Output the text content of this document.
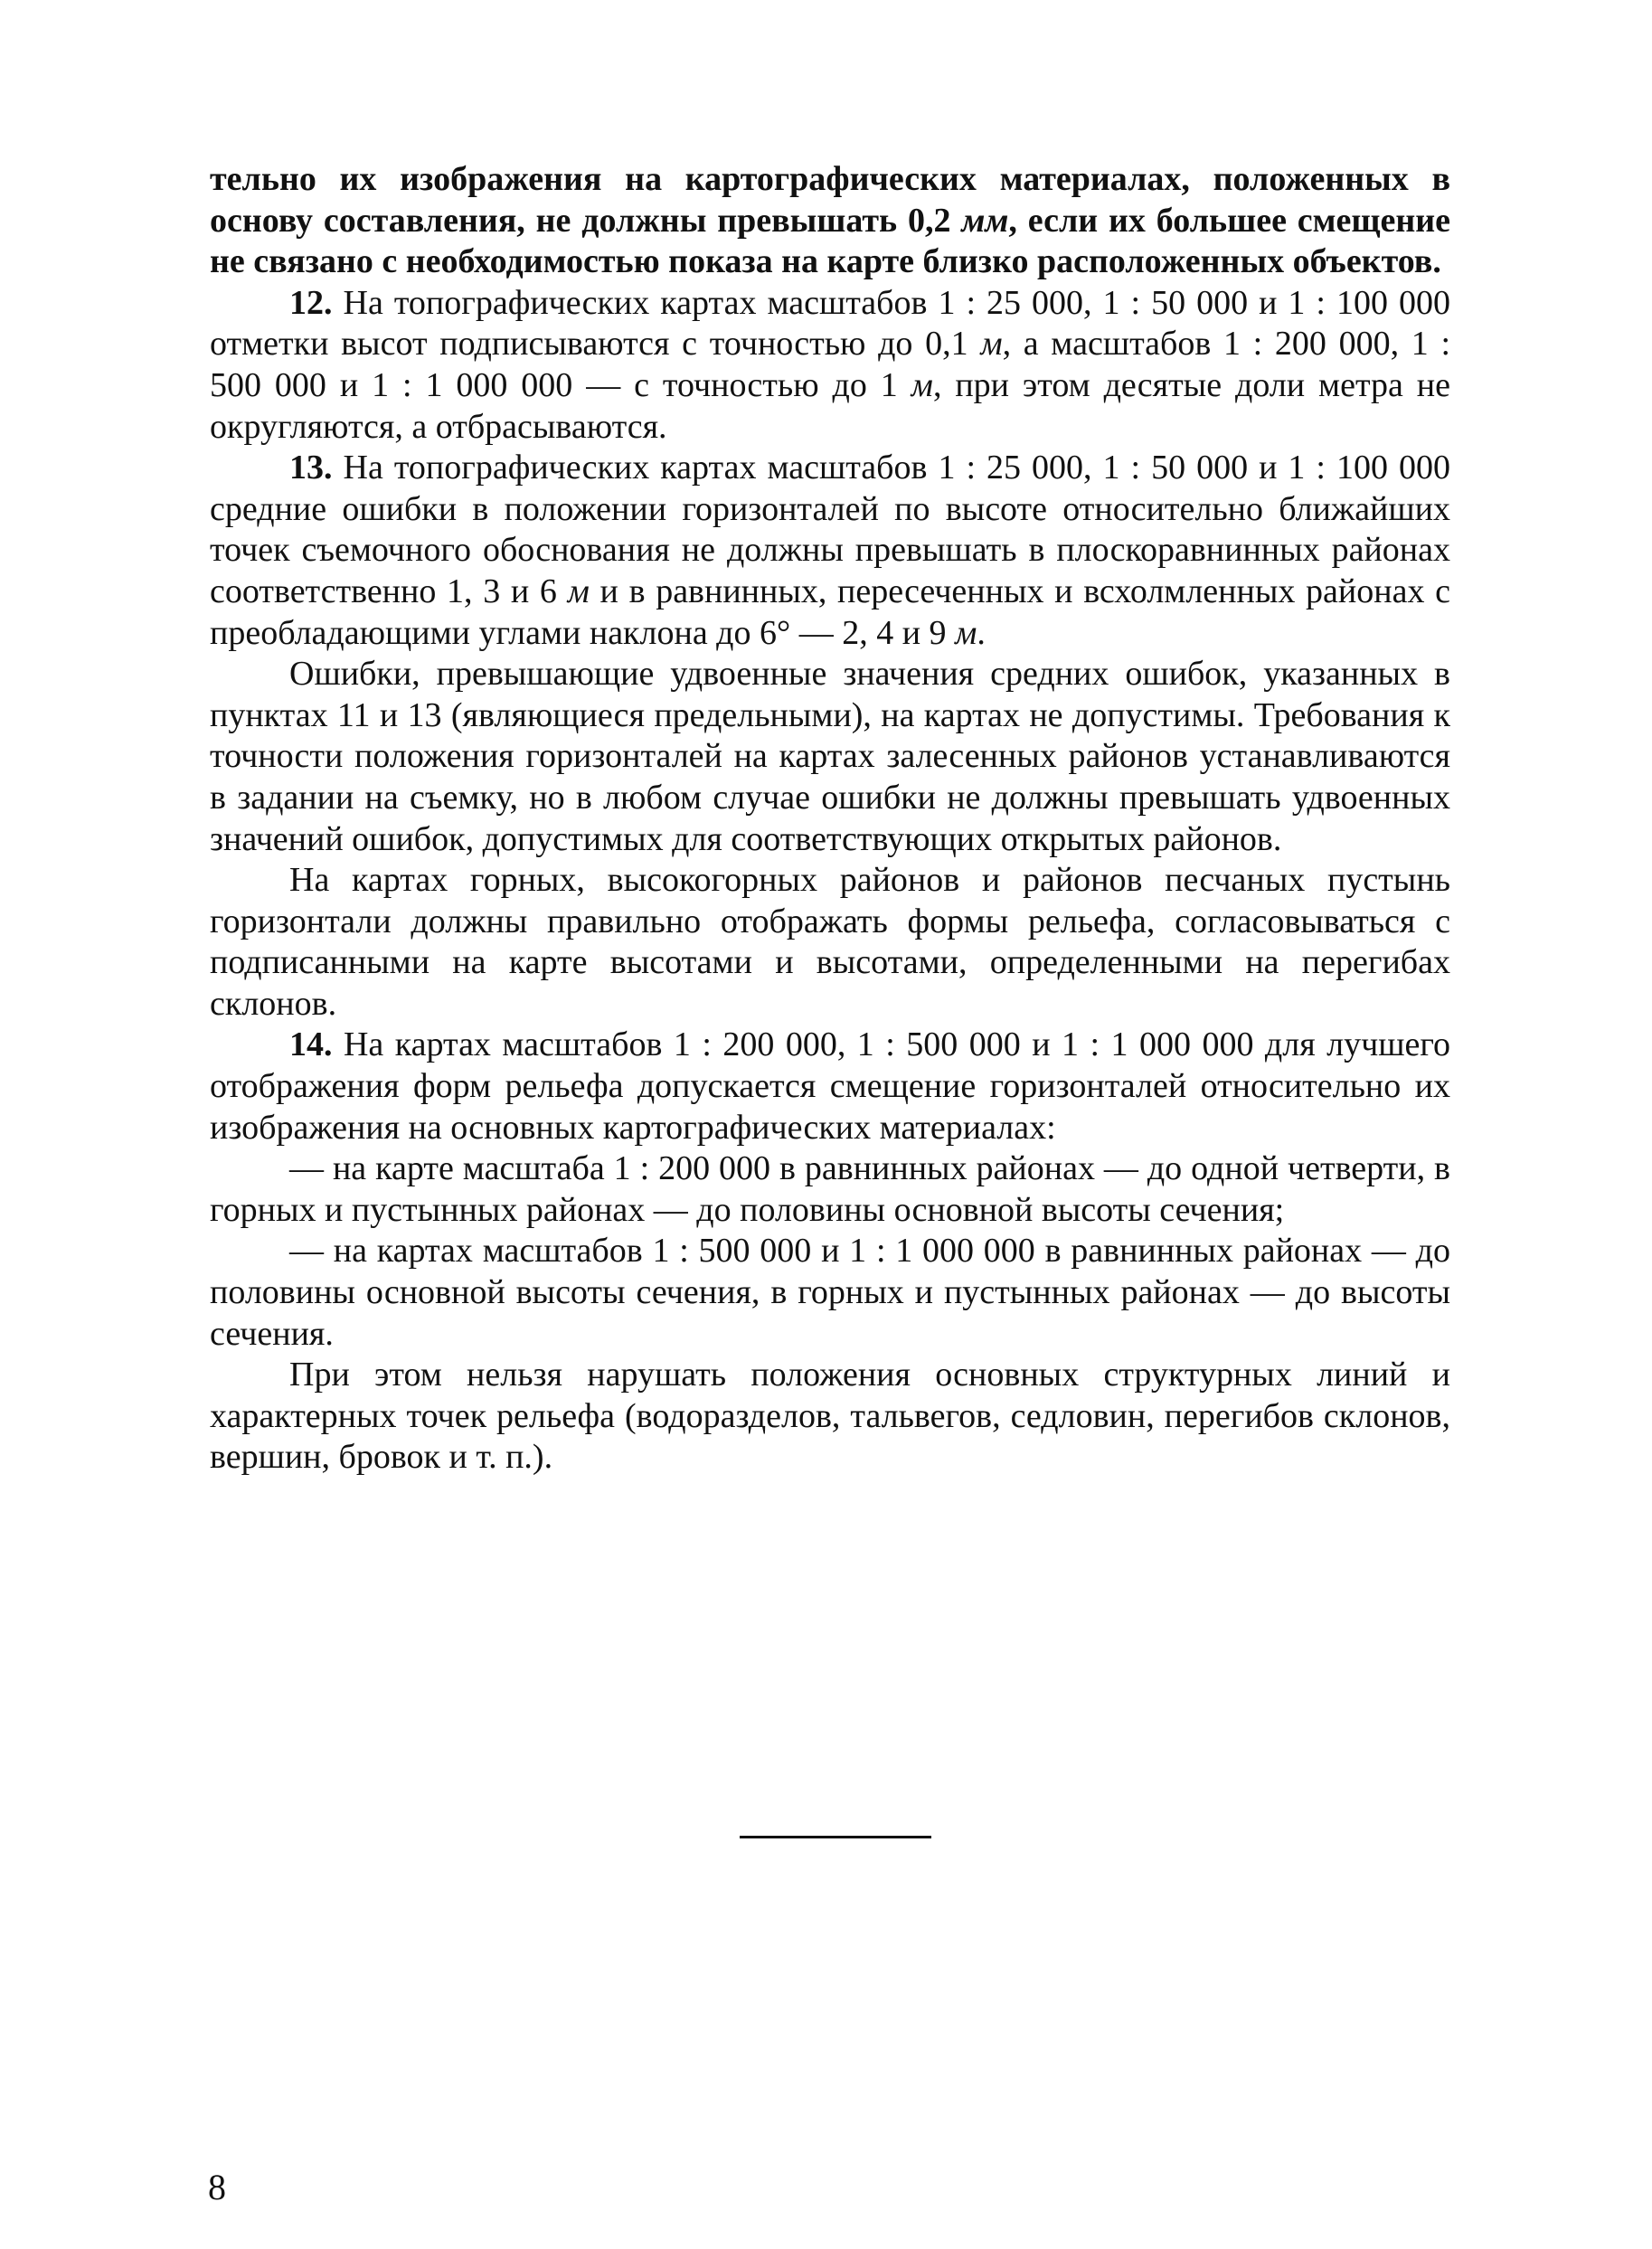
тельно их изображения на картографических материалах, положенных в основу составления, не должны превышать 0,2 мм, если их большее смещение не связано с необходимостью показа на карте близко расположенных объектов.

12. На топографических картах масштабов 1 : 25 000, 1 : 50 000 и 1 : 100 000 отметки высот подписываются с точностью до 0,1 м, а масштабов 1 : 200 000, 1 : 500 000 и 1 : 1 000 000 — с точностью до 1 м, при этом десятые доли метра не округляются, а отбрасываются.

13. На топографических картах масштабов 1 : 25 000, 1 : 50 000 и 1 : 100 000 средние ошибки в положении горизонталей по высоте относительно ближайших точек съемочного обоснования не должны превышать в плоскоравнинных районах соответственно 1, 3 и 6 м и в равнинных, пересеченных и всхолмленных районах с преобладающими углами наклона до 6° — 2, 4 и 9 м.

Ошибки, превышающие удвоенные значения средних ошибок, указанных в пунктах 11 и 13 (являющиеся предельными), на картах не допустимы. Требования к точности положения горизонталей на картах залесенных районов устанавливаются в задании на съемку, но в любом случае ошибки не должны превышать удвоенных значений ошибок, допустимых для соответствующих открытых районов.

На картах горных, высокогорных районов и районов песчаных пустынь горизонтали должны правильно отображать формы рельефа, согласовываться с подписанными на карте высотами и высотами, определенными на перегибах склонов.

14. На картах масштабов 1 : 200 000, 1 : 500 000 и 1 : 1 000 000 для лучшего отображения форм рельефа допускается смещение горизонталей относительно их изображения на основных картографических материалах:

— на карте масштаба 1 : 200 000 в равнинных районах — до одной четверти, в горных и пустынных районах — до половины основной высоты сечения;

— на картах масштабов 1 : 500 000 и 1 : 1 000 000 в равнинных районах — до половины основной высоты сечения, в горных и пустынных районах — до высоты сечения.

При этом нельзя нарушать положения основных структурных линий и характерных точек рельефа (водоразделов, тальвегов, седловин, перегибов склонов, вершин, бровок и т. п.).

8
